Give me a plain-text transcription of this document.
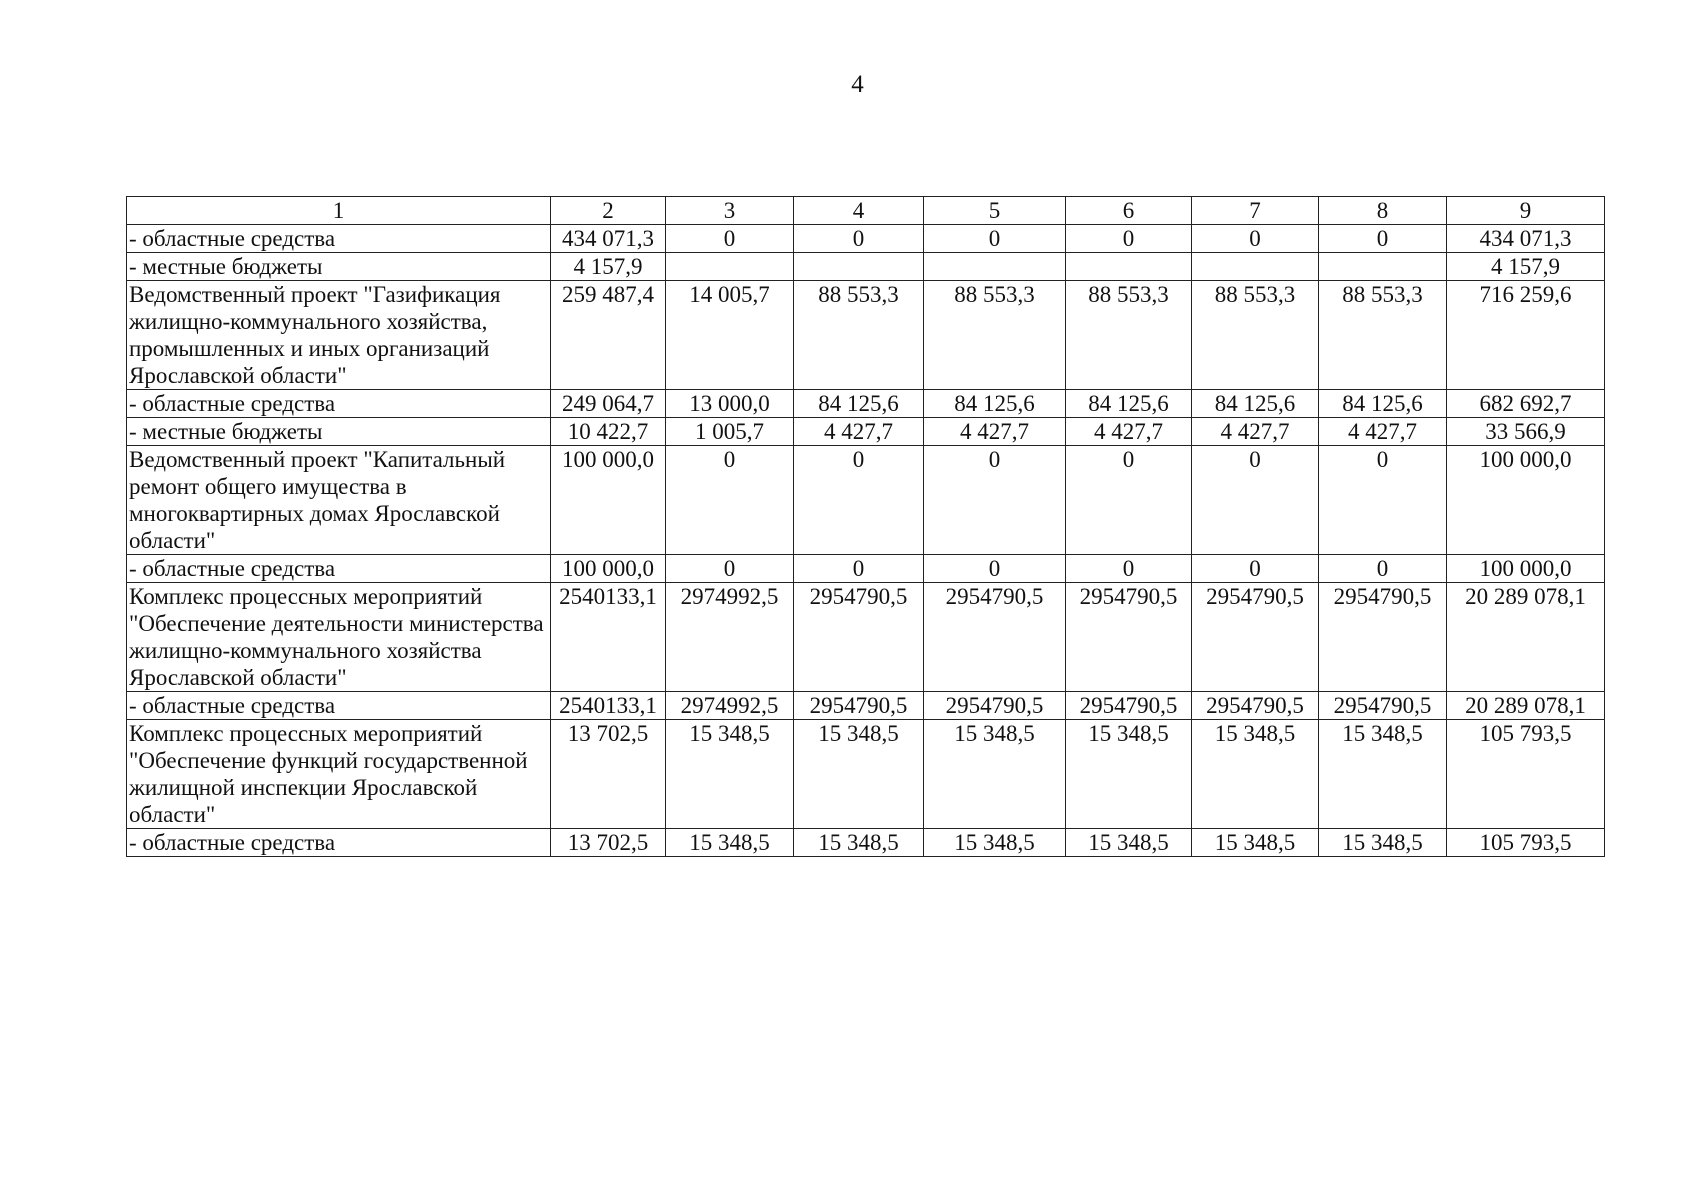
4
1	2	3	4	5	6	7	8	9
- областные средства	434 071,3	0	0	0	0	0	0	434 071,3
- местные бюджеты	4 157,9							4 157,9
Ведомственный проект "Газификация жилищно-коммунального хозяйства, промышленных и иных организаций Ярославской области"	259 487,4	14 005,7	88 553,3	88 553,3	88 553,3	88 553,3	88 553,3	716 259,6
- областные средства	249 064,7	13 000,0	84 125,6	84 125,6	84 125,6	84 125,6	84 125,6	682 692,7
- местные бюджеты	10 422,7	1 005,7	4 427,7	4 427,7	4 427,7	4 427,7	4 427,7	33 566,9
Ведомственный проект "Капитальный ремонт общего имущества в многоквартирных домах Ярославской области"	100 000,0	0	0	0	0	0	0	100 000,0
- областные средства	100 000,0	0	0	0	0	0	0	100 000,0
Комплекс процессных мероприятий "Обеспечение деятельности министерства жилищно-коммунального хозяйства Ярославской области"	2540133,1	2974992,5	2954790,5	2954790,5	2954790,5	2954790,5	2954790,5	20 289 078,1
- областные средства	2540133,1	2974992,5	2954790,5	2954790,5	2954790,5	2954790,5	2954790,5	20 289 078,1
Комплекс процессных мероприятий "Обеспечение функций государственной жилищной инспекции Ярославской области"	13 702,5	15 348,5	15 348,5	15 348,5	15 348,5	15 348,5	15 348,5	105 793,5
- областные средства	13 702,5	15 348,5	15 348,5	15 348,5	15 348,5	15 348,5	15 348,5	105 793,5
